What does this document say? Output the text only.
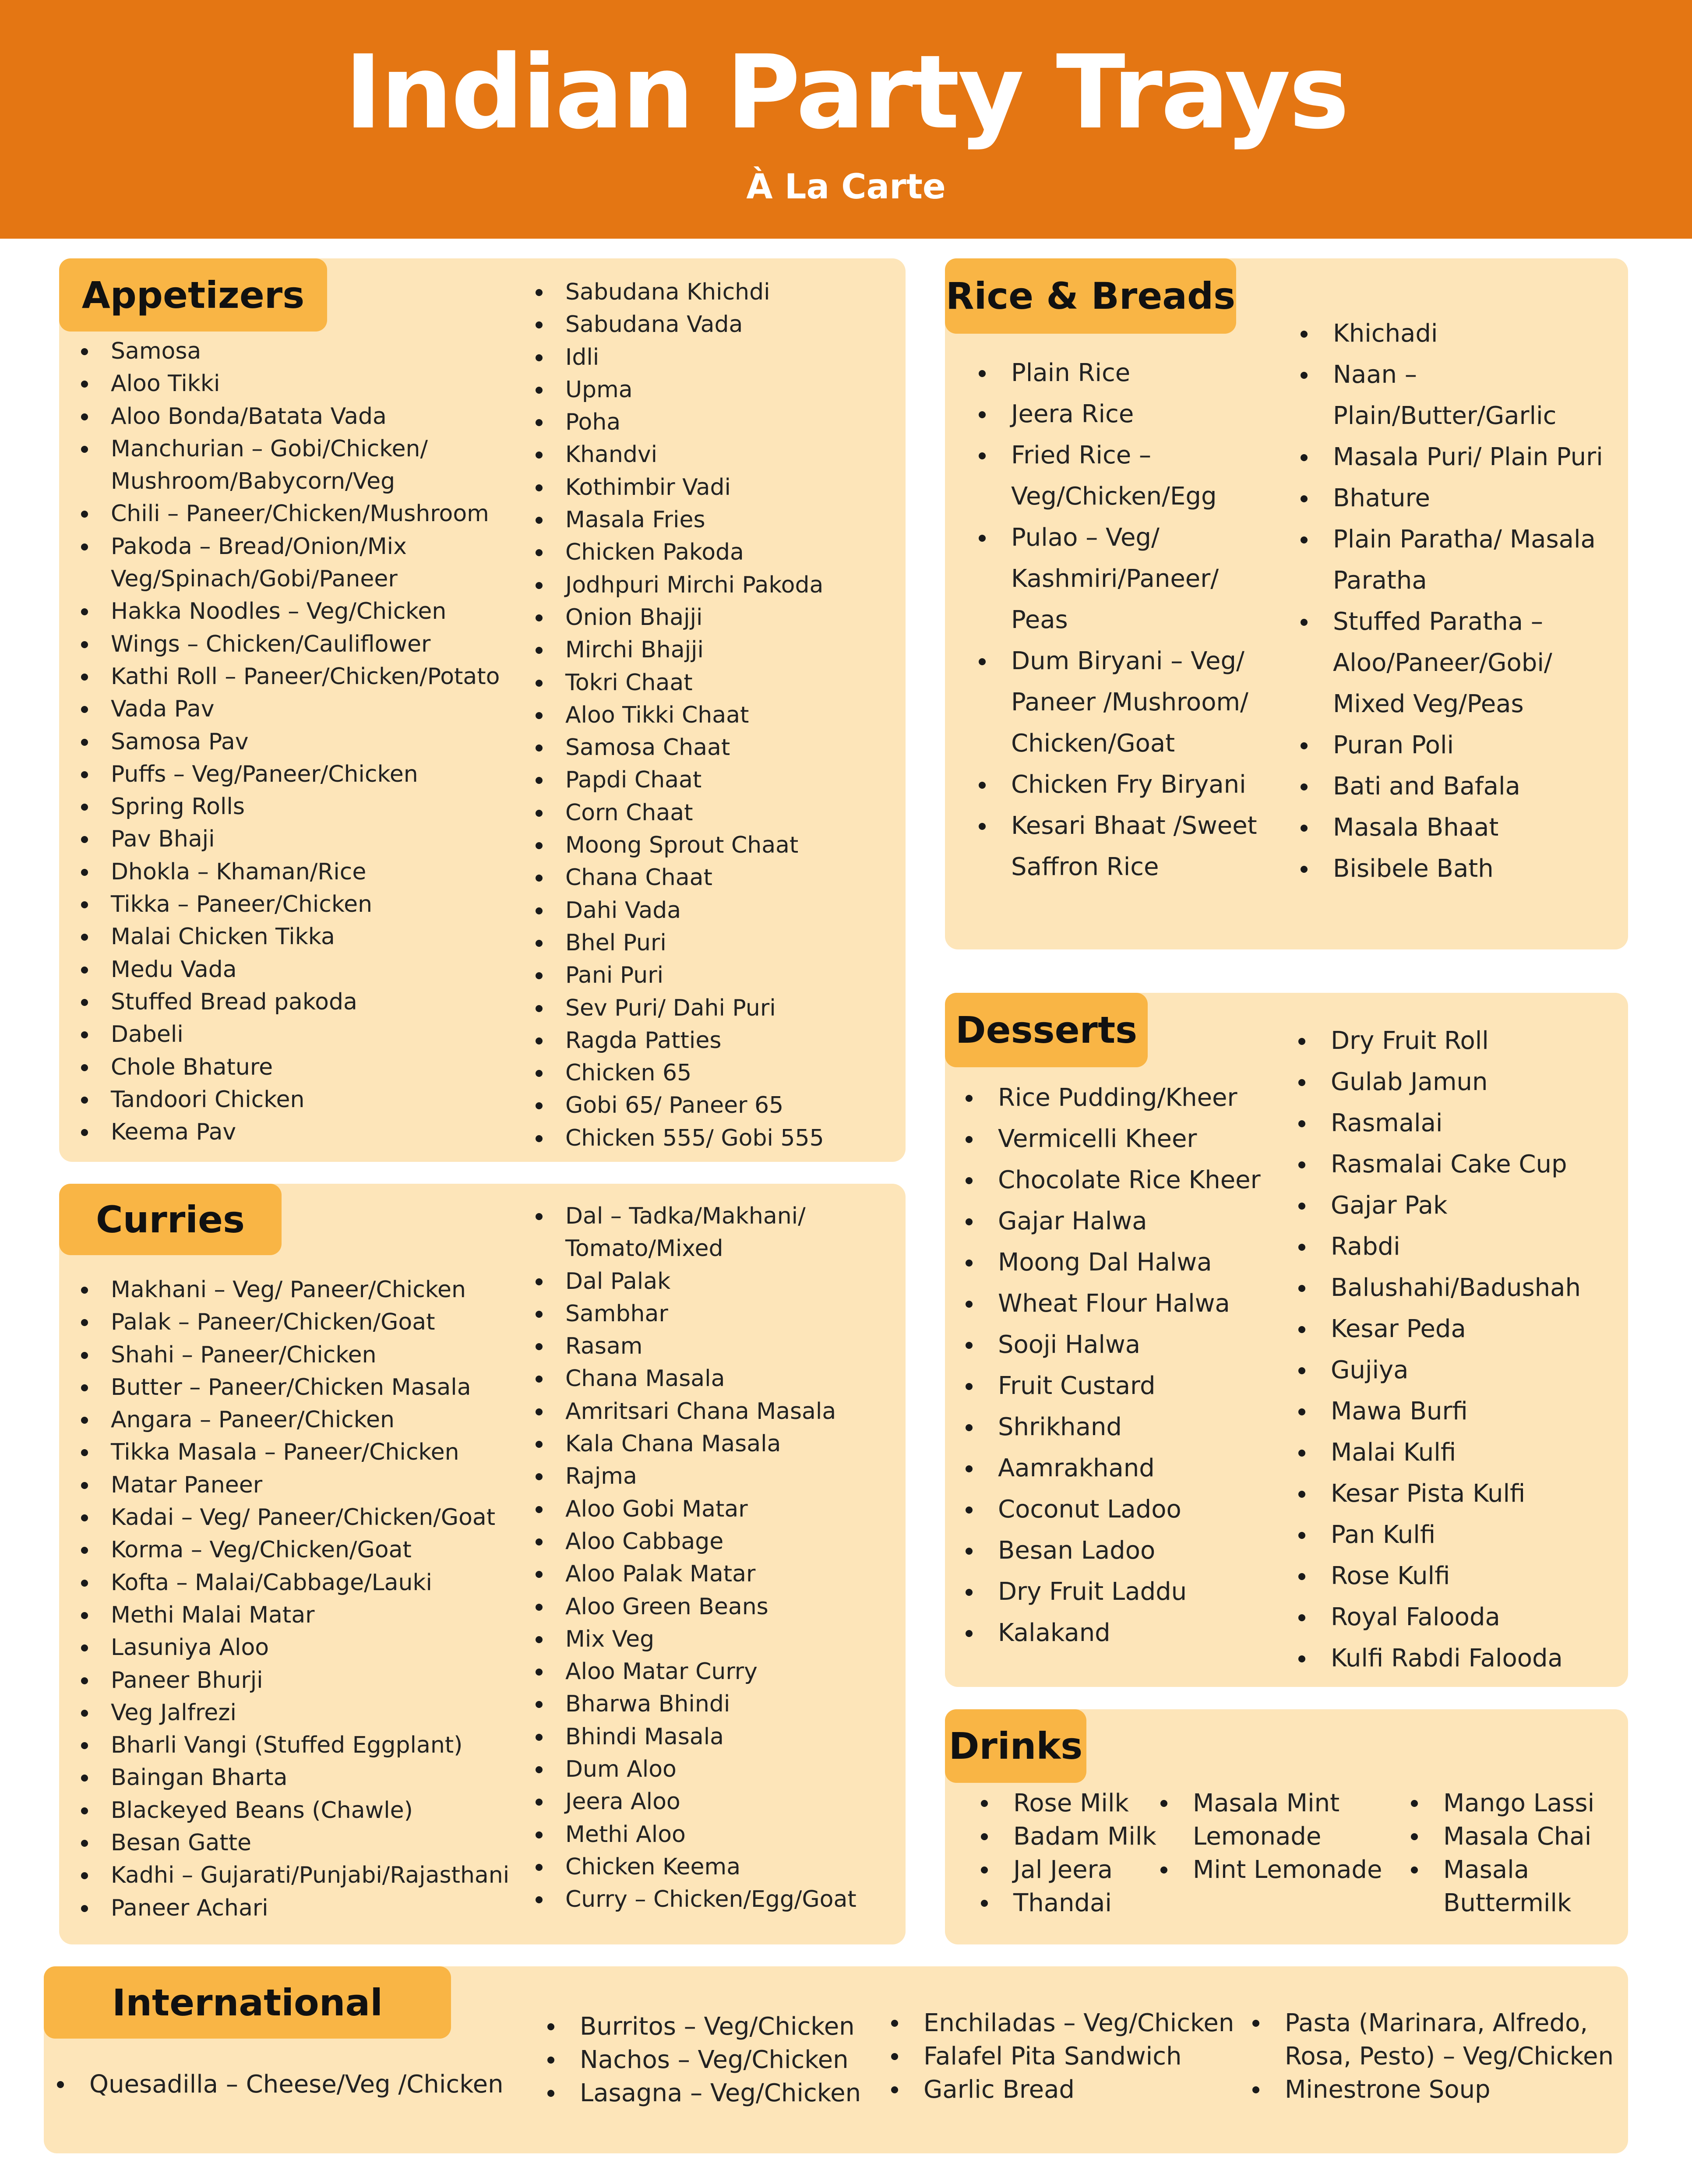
Indian Party Trays
À La Carte
Appetizers
Samosa
Aloo Tikki
Aloo Bonda/Batata Vada
Manchurian – Gobi/Chicken/
Mushroom/Babycorn/Veg
Chili – Paneer/Chicken/Mushroom
Pakoda – Bread/Onion/Mix
Veg/Spinach/Gobi/Paneer
Hakka Noodles – Veg/Chicken
Wings – Chicken/Cauliflower
Kathi Roll – Paneer/Chicken/Potato
Vada Pav
Samosa Pav
Puffs – Veg/Paneer/Chicken
Spring Rolls
Pav Bhaji
Dhokla – Khaman/Rice
Tikka – Paneer/Chicken
Malai Chicken Tikka
Medu Vada
Stuffed Bread pakoda
Dabeli
Chole Bhature
Tandoori Chicken
Keema Pav
Sabudana Khichdi
Sabudana Vada
Idli
Upma
Poha
Khandvi
Kothimbir Vadi
Masala Fries
Chicken Pakoda
Jodhpuri Mirchi Pakoda
Onion Bhajji
Mirchi Bhajji
Tokri Chaat
Aloo Tikki Chaat
Samosa Chaat
Papdi Chaat
Corn Chaat
Moong Sprout Chaat
Chana Chaat
Dahi Vada
Bhel Puri
Pani Puri
Sev Puri/ Dahi Puri
Ragda Patties
Chicken 65
Gobi 65/ Paneer 65
Chicken 555/ Gobi 555
Curries
Makhani – Veg/ Paneer/Chicken
Palak – Paneer/Chicken/Goat
Shahi – Paneer/Chicken
Butter – Paneer/Chicken Masala
Angara – Paneer/Chicken
Tikka Masala – Paneer/Chicken
Matar Paneer
Kadai – Veg/ Paneer/Chicken/Goat
Korma – Veg/Chicken/Goat
Kofta – Malai/Cabbage/Lauki
Methi Malai Matar
Lasuniya Aloo
Paneer Bhurji
Veg Jalfrezi
Bharli Vangi (Stuffed Eggplant)
Baingan Bharta
Blackeyed Beans (Chawle)
Besan Gatte
Kadhi – Gujarati/Punjabi/Rajasthani
Paneer Achari
Dal – Tadka/Makhani/
Tomato/Mixed
Dal Palak
Sambhar
Rasam
Chana Masala
Amritsari Chana Masala
Kala Chana Masala
Rajma
Aloo Gobi Matar
Aloo Cabbage
Aloo Palak Matar
Aloo Green Beans
Mix Veg
Aloo Matar Curry
Bharwa Bhindi
Bhindi Masala
Dum Aloo
Jeera Aloo
Methi Aloo
Chicken Keema
Curry – Chicken/Egg/Goat
Rice & Breads
Plain Rice
Jeera Rice
Fried Rice – Veg/Chicken/Egg
Pulao – Veg/ Kashmiri/Paneer/ Peas
Dum Biryani – Veg/ Paneer /Mushroom/ Chicken/Goat
Chicken Fry Biryani
Kesari Bhaat /Sweet Saffron Rice
Khichadi
Naan – Plain/Butter/Garlic
Masala Puri/ Plain Puri
Bhature
Plain Paratha/ Masala Paratha
Stuffed Paratha – Aloo/Paneer/Gobi/ Mixed Veg/Peas
Puran Poli
Bati and Bafala
Masala Bhaat
Bisibele Bath
Desserts
Rice Pudding/Kheer
Vermicelli Kheer
Chocolate Rice Kheer
Gajar Halwa
Moong Dal Halwa
Wheat Flour Halwa
Sooji Halwa
Fruit Custard
Shrikhand
Aamrakhand
Coconut Ladoo
Besan Ladoo
Dry Fruit Laddu
Kalakand
Dry Fruit Roll
Gulab Jamun
Rasmalai
Rasmalai Cake Cup
Gajar Pak
Rabdi
Balushahi/Badushah
Kesar Peda
Gujiya
Mawa Burfi
Malai Kulfi
Kesar Pista Kulfi
Pan Kulfi
Rose Kulfi
Royal Falooda
Kulfi Rabdi Falooda
Drinks
Rose Milk
Badam Milk
Jal Jeera
Thandai
Masala Mint Lemonade
Mint Lemonade
Mango Lassi
Masala Chai
Masala Buttermilk
International
Quesadilla – Cheese/Veg /Chicken
Burritos – Veg/Chicken
Nachos – Veg/Chicken
Lasagna – Veg/Chicken
Enchiladas – Veg/Chicken
Falafel Pita Sandwich
Garlic Bread
Pasta (Marinara, Alfredo, Rosa, Pesto) – Veg/Chicken
Minestrone Soup
